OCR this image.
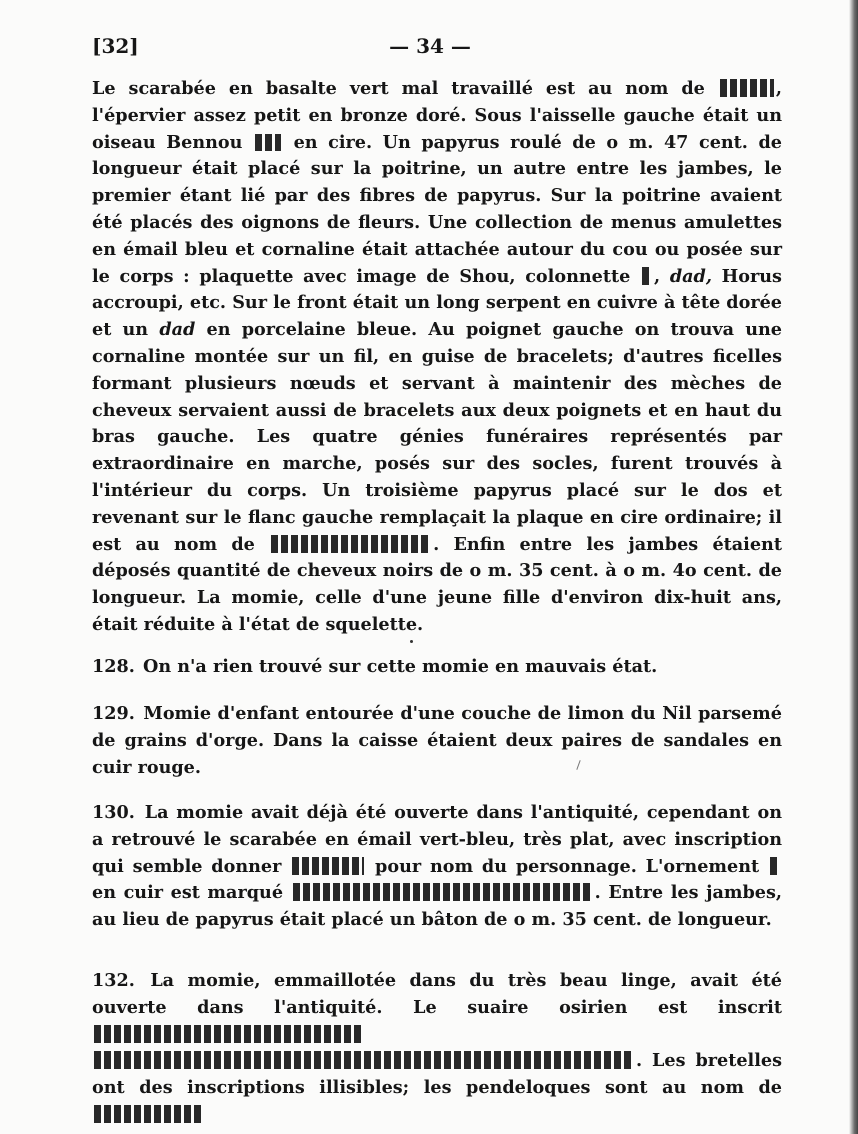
[32]	— 34 —

Le scarabée en basalte vert mal travaillé est au nom de	, l'épervier assez petit en bronze doré. Sous l'aisselle gauche était un oiseau Bennou	en cire. Un papyrus roulé de o m. 47 cent. de longueur était placé sur la poitrine, un autre entre les jambes, le premier étant lié par des fibres de papyrus. Sur la poitrine avaient été placés des oignons de fleurs. Une collection de menus amulettes en émail bleu et cornaline était attachée autour du cou ou posée sur le corps : plaquette avec image de Shou, colonnette , dad, Horus accroupi, etc. Sur le front était un long serpent en cuivre à tête dorée et un dad en porcelaine bleue. Au poignet gauche on trouva une cornaline montée sur un fil, en guise de bracelets; d'autres ficelles formant plusieurs nœuds et servant à maintenir des mèches de cheveux servaient aussi de bracelets aux deux poignets et en haut du bras gauche. Les quatre génies funéraires représentés par extraordinaire en marche, posés sur des socles, furent trouvés à l'intérieur du corps. Un troisième papyrus placé sur le dos et revenant sur le flanc gauche remplaçait la plaque en cire ordinaire; il est au nom de	. Enfin entre les jambes étaient déposés quantité de cheveux noirs de o m. 35 cent. à o m. 4o cent. de longueur. La momie, celle d'une jeune fille d'environ dix-huit ans, était réduite à l'état de squelette.

128. On n'a rien trouvé sur cette momie en mauvais état.

129. Momie d'enfant entourée d'une couche de limon du Nil parsemé de grains d'orge. Dans la caisse étaient deux paires de sandales en cuir rouge.

130. La momie avait déjà été ouverte dans l'antiquité, cependant on a retrouvé le scarabée en émail vert-bleu, très plat, avec inscription qui semble donner	pour nom du personnage. L'ornement  en cuir est marqué	. Entre les jambes, au lieu de papyrus était placé un bâton de o m. 35 cent. de longueur.

132. La momie, emmaillotée dans du très beau linge, avait été ouverte dans l'antiquité. Le suaire osirien est inscrit  . Les bretelles ont des inscriptions illisibles; les pendeloques sont au nom de
